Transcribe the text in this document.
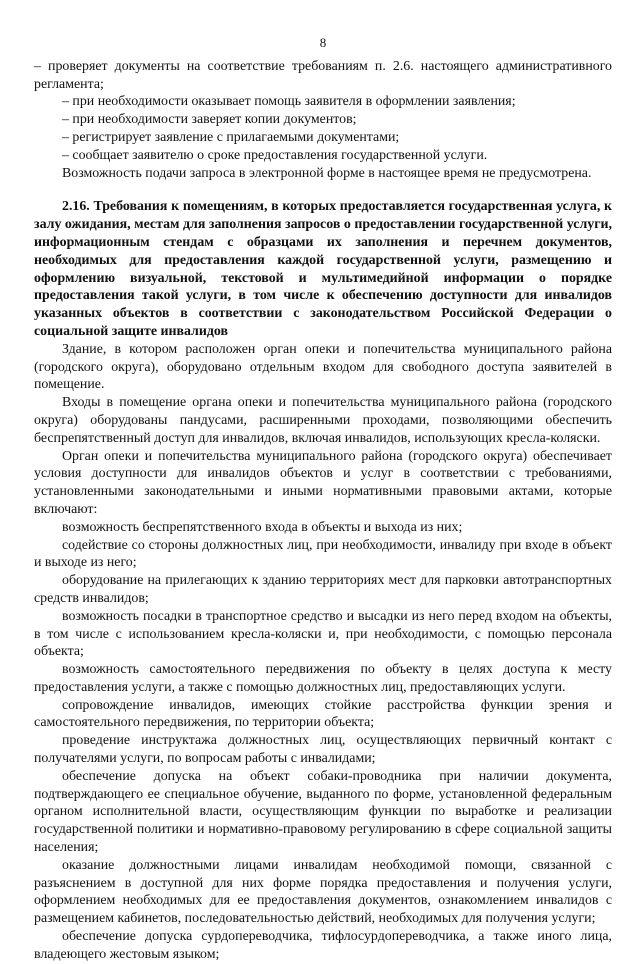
8

– проверяет документы на соответствие требованиям п. 2.6. настоящего административного регламента;

– при необходимости оказывает помощь заявителя в оформлении заявления;

– при необходимости заверяет копии документов;

– регистрирует заявление с прилагаемыми документами;

– сообщает заявителю о сроке предоставления государственной услуги.

Возможность подачи запроса в электронной форме в настоящее время не предусмотрена.

2.16. Требования к помещениям, в которых предоставляется государственная услуга, к залу ожидания, местам для заполнения запросов о предоставлении государственной услуги, информационным стендам с образцами их заполнения и перечнем документов, необходимых для предоставления каждой государственной услуги, размещению и оформлению визуальной, текстовой и мультимедийной информации о порядке предоставления такой услуги, в том числе к обеспечению доступности для инвалидов указанных объектов в соответствии с законодательством Российской Федерации о социальной защите инвалидов

Здание, в котором расположен орган опеки и попечительства муниципального района (городского округа), оборудовано отдельным входом для свободного доступа заявителей в помещение.

Входы в помещение органа опеки и попечительства муниципального района (городского округа) оборудованы пандусами, расширенными проходами, позволяющими обеспечить беспрепятственный доступ для инвалидов, включая инвалидов, использующих кресла-коляски.

Орган опеки и попечительства муниципального района (городского округа) обеспечивает условия доступности для инвалидов объектов и услуг в соответствии с требованиями, установленными законодательными и иными нормативными правовыми актами, которые включают:

возможность беспрепятственного входа в объекты и выхода из них;

содействие со стороны должностных лиц, при необходимости, инвалиду при входе в объект и выходе из него;

оборудование на прилегающих к зданию территориях мест для парковки автотранспортных средств инвалидов;

возможность посадки в транспортное средство и высадки из него перед входом на объекты, в том числе с использованием кресла-коляски и, при необходимости, с помощью персонала объекта;

возможность самостоятельного передвижения по объекту в целях доступа к месту предоставления услуги, а также с помощью должностных лиц, предоставляющих услуги.

сопровождение инвалидов, имеющих стойкие расстройства функции зрения и самостоятельного передвижения, по территории объекта;

проведение инструктажа должностных лиц, осуществляющих первичный контакт с получателями услуги, по вопросам работы с инвалидами;

обеспечение допуска на объект собаки-проводника при наличии документа, подтверждающего ее специальное обучение, выданного по форме, установленной федеральным органом исполнительной власти, осуществляющим функции по выработке и реализации государственной политики и нормативно-правовому регулированию в сфере социальной защиты населения;

оказание должностными лицами инвалидам необходимой помощи, связанной с разъяснением в доступной для них форме порядка предоставления и получения услуги, оформлением необходимых для ее предоставления документов, ознакомлением инвалидов с размещением кабинетов, последовательностью действий, необходимых для получения услуги;

обеспечение допуска сурдопереводчика, тифлосурдопереводчика, а также иного лица, владеющего жестовым языком;
